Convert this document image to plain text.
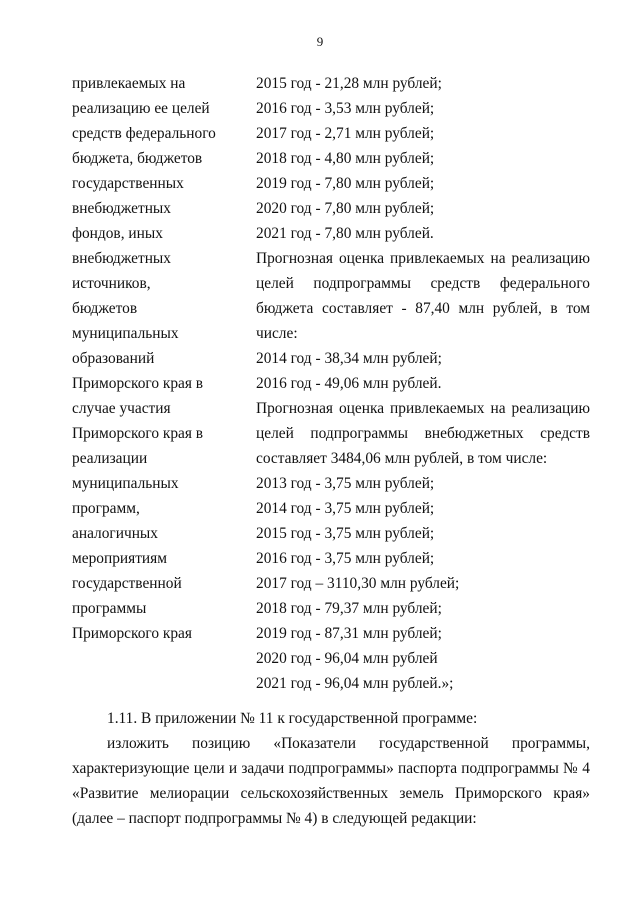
9
привлекаемых на
реализацию ее целей
средств федерального
бюджета, бюджетов
государственных
внебюджетных
фондов, иных
внебюджетных
источников,
бюджетов
муниципальных
образований
Приморского края в
случае участия
Приморского края в
реализации
муниципальных
программ,
аналогичных
мероприятиям
государственной
программы
Приморского края
2015 год - 21,28 млн рублей;
2016 год - 3,53 млн рублей;
2017 год - 2,71 млн рублей;
2018 год - 4,80 млн рублей;
2019 год - 7,80 млн рублей;
2020 год - 7,80 млн рублей;
2021 год - 7,80 млн рублей.
Прогнозная оценка привлекаемых на реализацию
целей подпрограммы средств федерального
бюджета составляет - 87,40 млн рублей, в том
числе:
2014 год - 38,34 млн рублей;
2016 год - 49,06 млн рублей.
Прогнозная оценка привлекаемых на реализацию
целей подпрограммы внебюджетных средств
составляет 3484,06 млн рублей, в том числе:
2013 год - 3,75 млн рублей;
2014 год - 3,75 млн рублей;
2015 год - 3,75 млн рублей;
2016 год - 3,75 млн рублей;
2017 год – 3110,30 млн рублей;
2018 год - 79,37 млн рублей;
2019 год - 87,31 млн рублей;
2020 год - 96,04 млн рублей
2021 год - 96,04 млн рублей.»;
1.11. В приложении № 11 к государственной программе:
изложить позицию «Показатели государственной программы,
характеризующие цели и задачи подпрограммы» паспорта подпрограммы № 4
«Развитие мелиорации сельскохозяйственных земель Приморского края»
(далее – паспорт подпрограммы № 4) в следующей редакции:
